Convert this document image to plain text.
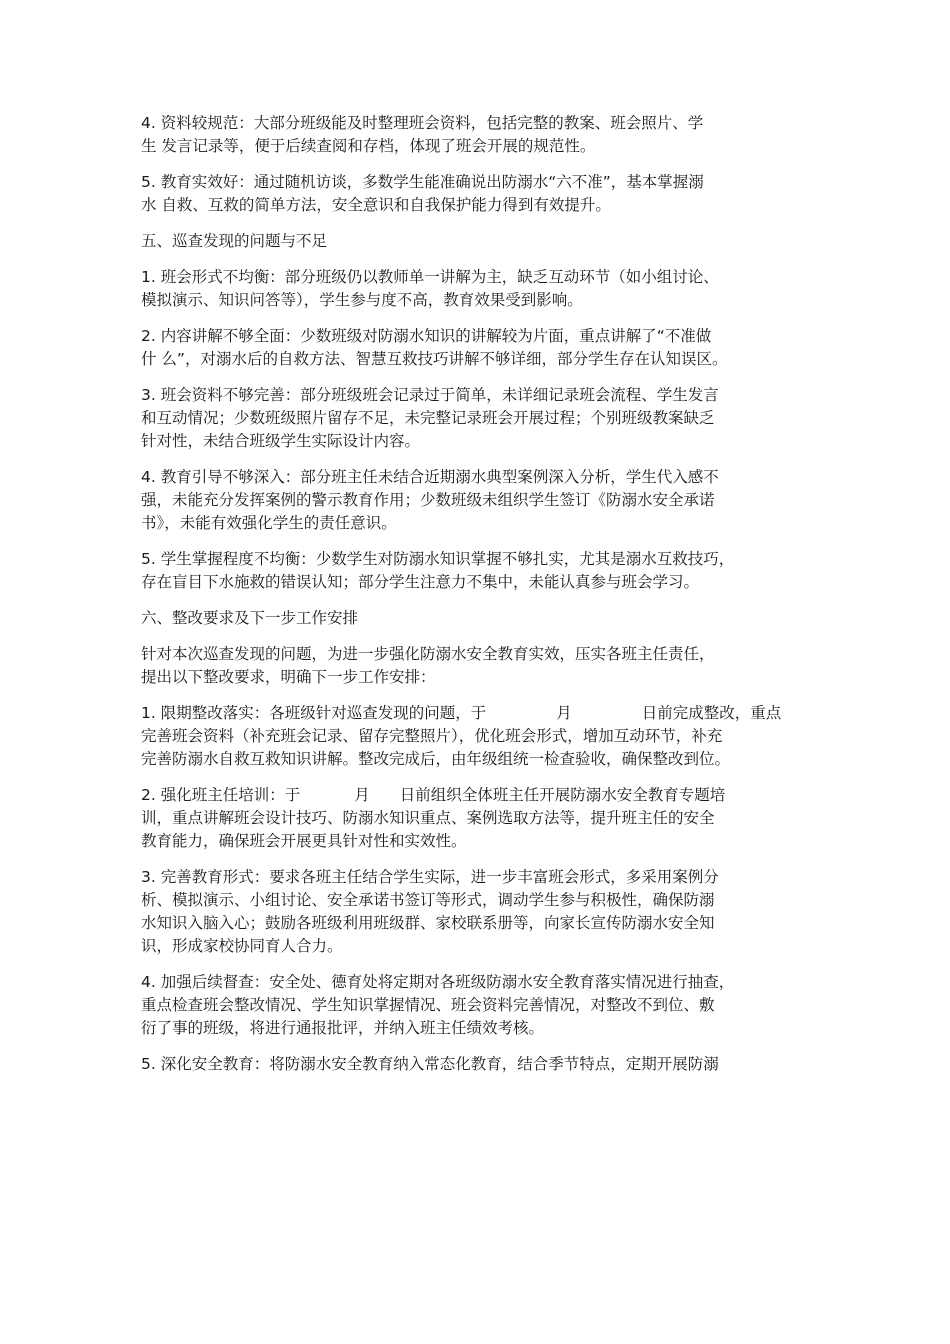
4. 资料较规范：大部分班级能及时整理班会资料，包括完整的教案、班会照片、学
生 发言记录等，便于后续查阅和存档，体现了班会开展的规范性。

5. 教育实效好：通过随机访谈，多数学生能准确说出防溺水“六不准”，基本掌握溺
水 自救、互救的简单方法，安全意识和自我保护能力得到有效提升。

五、巡查发现的问题与不足

1. 班会形式不均衡：部分班级仍以教师单一讲解为主，缺乏互动环节（如小组讨论、
模拟演示、知识问答等），学生参与度不高，教育效果受到影响。

2. 内容讲解不够全面：少数班级对防溺水知识的讲解较为片面，重点讲解了“不准做
什 么”，对溺水后的自救方法、智慧互救技巧讲解不够详细，部分学生存在认知误区。

3. 班会资料不够完善：部分班级班会记录过于简单，未详细记录班会流程、学生发言
和互动情况；少数班级照片留存不足，未完整记录班会开展过程；个别班级教案缺乏
针对性，未结合班级学生实际设计内容。

4. 教育引导不够深入：部分班主任未结合近期溺水典型案例深入分析，学生代入感不
强，未能充分发挥案例的警示教育作用；少数班级未组织学生签订《防溺水安全承诺
书》，未能有效强化学生的责任意识。

5. 学生掌握程度不均衡：少数学生对防溺水知识掌握不够扎实，尤其是溺水互救技巧，
存在盲目下水施救的错误认知；部分学生注意力不集中，未能认真参与班会学习。

六、整改要求及下一步工作安排

针对本次巡查发现的问题，为进一步强化防溺水安全教育实效，压实各班主任责任，
提出以下整改要求，明确下一步工作安排：

1. 限期整改落实：各班级针对巡查发现的问题，于	月	日前完成整改，重点
完善班会资料（补充班会记录、留存完整照片），优化班会形式，增加互动环节，补充
完善防溺水自救互救知识讲解。整改完成后，由年级组统一检查验收，确保整改到位。

2. 强化班主任培训：于	月 日前组织全体班主任开展防溺水安全教育专题培
训，重点讲解班会设计技巧、防溺水知识重点、案例选取方法等，提升班主任的安全
教育能力，确保班会开展更具针对性和实效性。

3. 完善教育形式：要求各班主任结合学生实际，进一步丰富班会形式，多采用案例分
析、模拟演示、小组讨论、安全承诺书签订等形式，调动学生参与积极性，确保防溺
水知识入脑入心；鼓励各班级利用班级群、家校联系册等，向家长宣传防溺水安全知
识，形成家校协同育人合力。

4. 加强后续督查：安全处、德育处将定期对各班级防溺水安全教育落实情况进行抽查，
重点检查班会整改情况、学生知识掌握情况、班会资料完善情况，对整改不到位、敷
衍了事的班级，将进行通报批评，并纳入班主任绩效考核。

5. 深化安全教育：将防溺水安全教育纳入常态化教育，结合季节特点，定期开展防溺
